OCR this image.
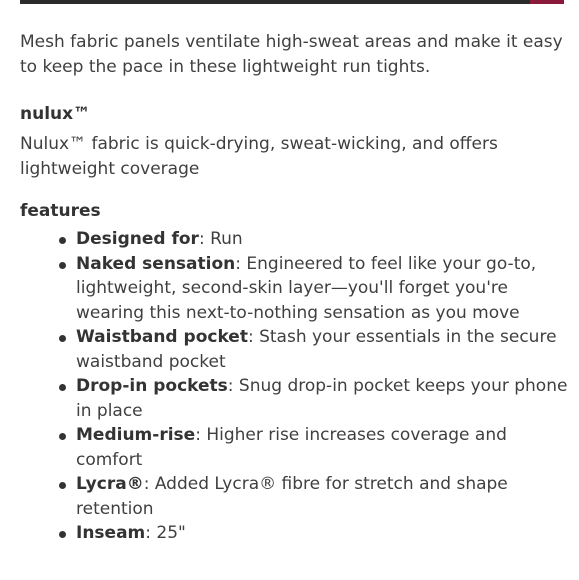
Mesh fabric panels ventilate high-sweat areas and make it easy to keep the pace in these lightweight run tights.

nulux™

Nulux™ fabric is quick-drying, sweat-wicking, and offers lightweight coverage

features
Designed for: Run
Naked sensation: Engineered to feel like your go-to, lightweight, second-skin layer—you'll forget you're wearing this next-to-nothing sensation as you move
Waistband pocket: Stash your essentials in the secure waistband pocket
Drop-in pockets: Snug drop-in pocket keeps your phone in place
Medium-rise: Higher rise increases coverage and comfort
Lycra®: Added Lycra® fibre for stretch and shape retention
Inseam: 25"
